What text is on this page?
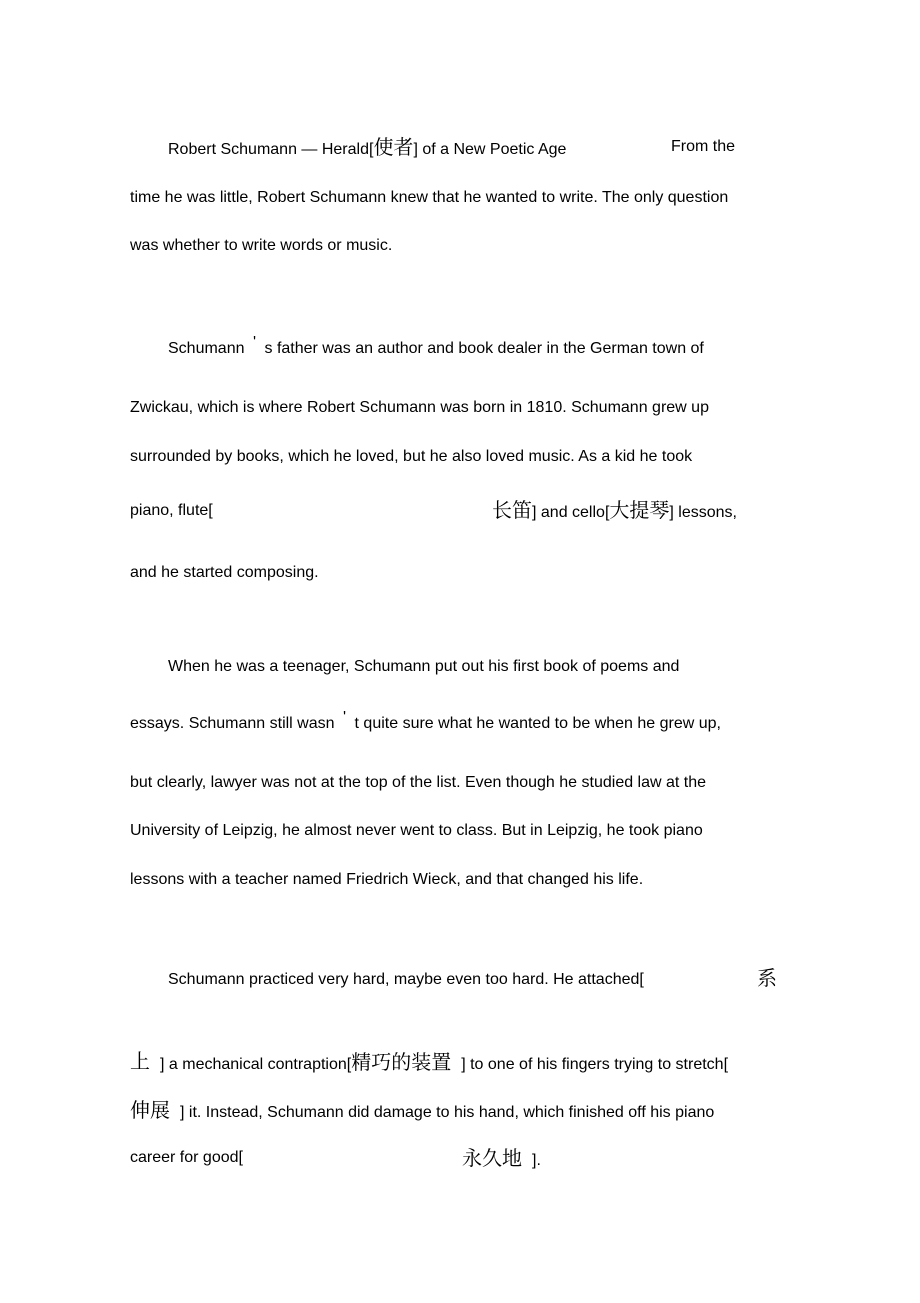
Robert Schumann — Herald[使者] of a New Poetic Age	From the

time he was little, Robert Schumann knew that he wanted to write. The only question

was whether to write words or music.

Schumann ' s father was an author and book dealer in the German town of

Zwickau, which is where Robert Schumann was born in 1810. Schumann grew up

surrounded by books, which he loved, but he also loved music. As a kid he took

piano, flute[	长笛] and cello[大提琴] lessons,

and he started composing.

When he was a teenager, Schumann put out his first book of poems and

essays. Schumann still wasn ' t quite sure what he wanted to be when he grew up,

but clearly, lawyer was not at the top of the list. Even though he studied law at the

University of Leipzig, he almost never went to class. But in Leipzig, he took piano

lessons with a teacher named Friedrich Wieck, and that changed his life.

Schumann practiced very hard, maybe even too hard. He attached[	系
上 ] a mechanical contraption[精巧的装置 ] to one of his fingers trying to stretch[

伸展 ] it. Instead, Schumann did damage to his hand, which finished off his piano

career for good[	永久地 ].
